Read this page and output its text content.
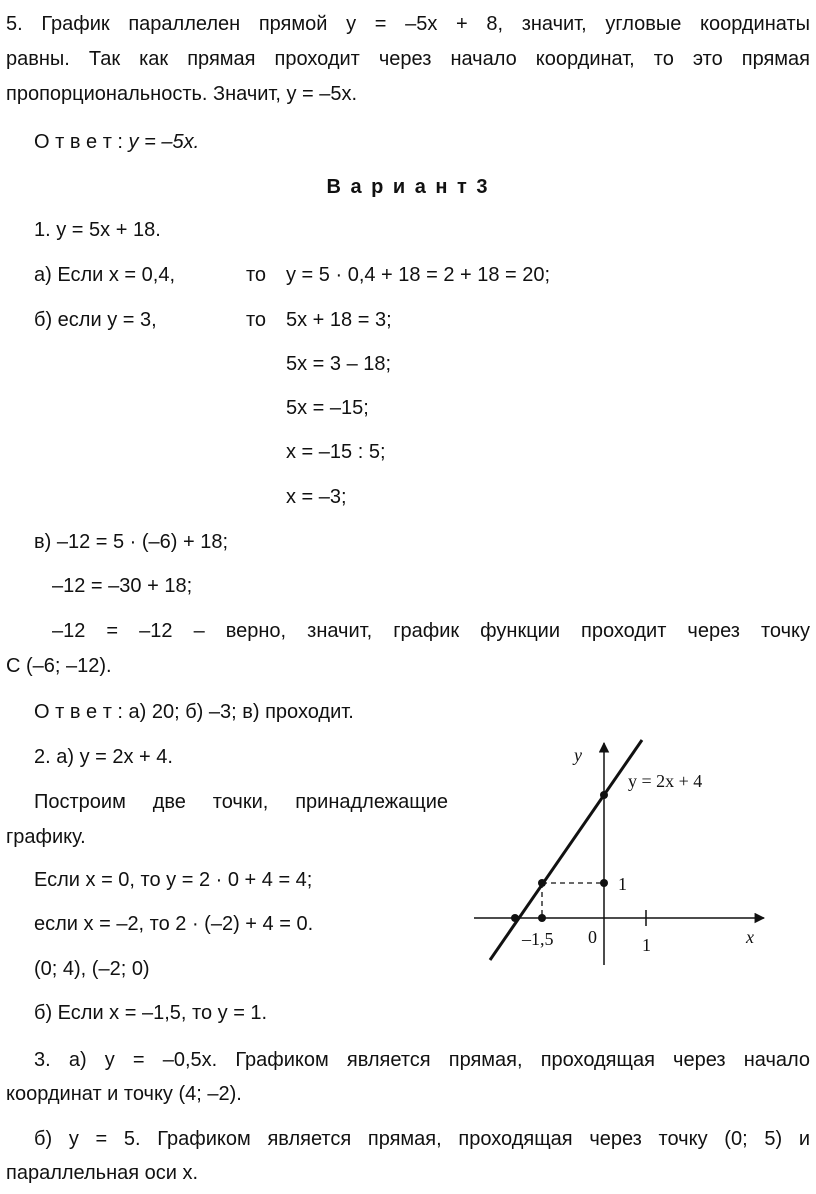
5. График параллелен прямой y = –5x + 8, значит, угловые координаты
равны. Так как прямая проходит через начало координат, то это прямая
пропорциональность. Значит, y = –5x.
О т в е т : y = –5x.
В а р и а н т 3
1. y = 5x + 18.
а) Если x = 0,4,	то y = 5 · 0,4 + 18 = 2 + 18 = 20;
б) если y = 3,	то 5x + 18 = 3;
5x = 3 – 18;
5x = –15;
x = –15 : 5;
x = –3;
в) –12 = 5 · (–6) + 18;
–12 = –30 + 18;
–12 = –12 – верно, значит, график функции проходит через точку
C (–6; –12).
О т в е т : а) 20; б) –3; в) проходит.
2. а) y = 2x + 4.
Построим две точки, принадлежащие
графику.
Если x = 0, то y = 2 · 0 + 4 = 4;
если x = –2, то 2 · (–2) + 4 = 0.
(0; 4), (–2; 0)
б) Если x = –1,5, то y = 1.
y
x
y = 2x + 4
1
0	1
–1,5
3. а) y = –0,5x. Графиком является прямая, проходящая через начало
координат и точку (4; –2).
б) y = 5. Графиком является прямая, проходящая через точку (0; 5) и
параллельная оси x.
